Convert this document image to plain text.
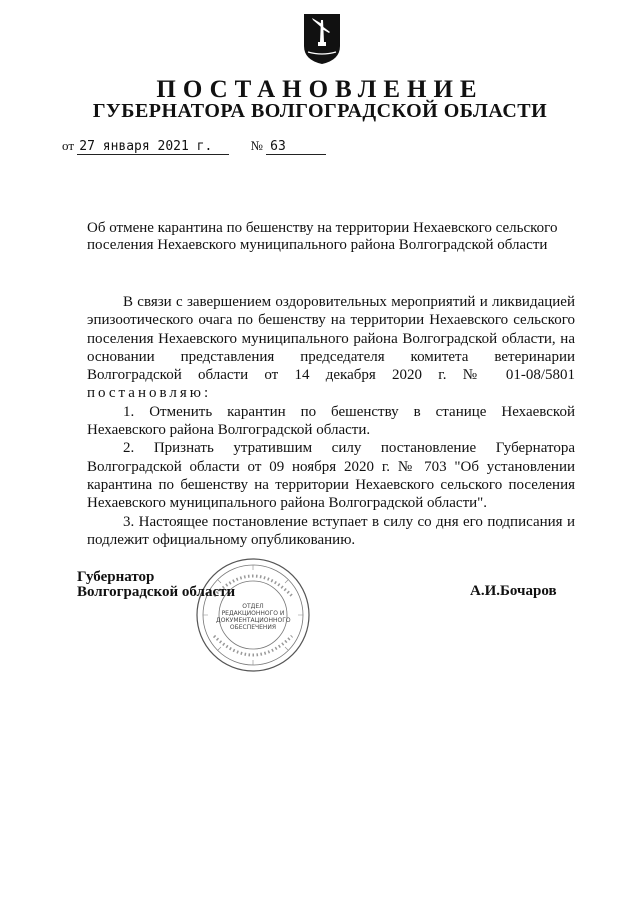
ПОСТАНОВЛЕНИЕ
ГУБЕРНАТОРА ВОЛГОГРАДСКОЙ ОБЛАСТИ
от 27 января 2021 г.	№ 63
Об отмене карантина по бешенству на территории Нехаевского сельского поселения Нехаевского муниципального района Волгоградской области

В связи с завершением оздоровительных мероприятий и ликвидацией эпизоотического очага по бешенству на территории Нехаевского сельского поселения Нехаевского муниципального района Волгоградской области, на основании представления председателя комитета ветеринарии Волгоградской области от 14 декабря 2020 г. № 01-08/5801 постановляю:

1. Отменить карантин по бешенству в станице Нехаевской Нехаевского района Волгоградской области.

2. Признать утратившим силу постановление Губернатора Волгоградской области от 09 ноября 2020 г. № 703 "Об установлении карантина по бешенству на территории Нехаевского сельского поселения Нехаевского муниципального района Волгоградской области".

3. Настоящее постановление вступает в силу со дня его подписания и подлежит официальному опубликованию.

ОТДЕЛ
РЕДАКЦИОННОГО И
ДОКУМЕНТАЦИОННОГО
ОБЕСПЕЧЕНИЯ
Губернатор
Волгоградской области	А.И.Бочаров
